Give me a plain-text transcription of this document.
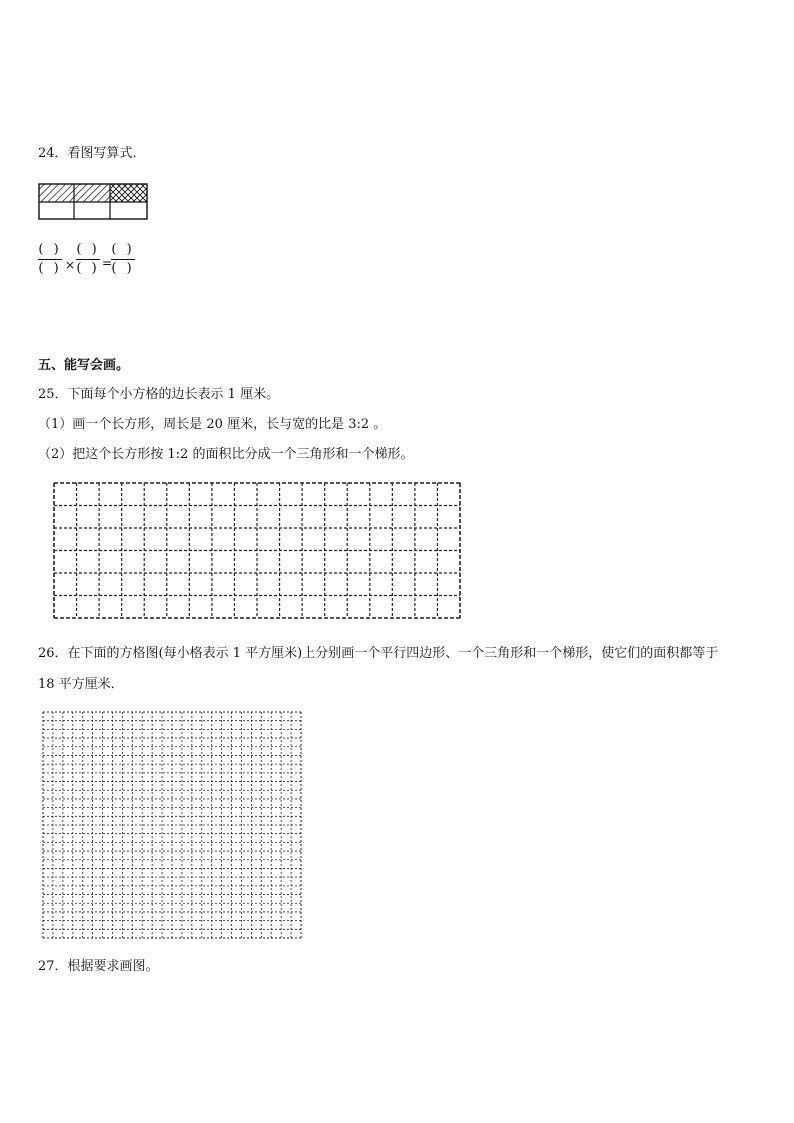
24．看图写算式．
( )
( ) ×
( )
( ) =
( )
( )
五、能写会画。
25．下面每个小方格的边长表示 1 厘米。
（1）画一个长方形，周长是 20 厘米，长与宽的比是 3:2 。
（2）把这个长方形按 1:2 的面积比分成一个三角形和一个梯形。
26．在下面的方格图(每小格表示 1 平方厘米)上分别画一个平行四边形、一个三角形和一个梯形，使它们的面积都等于
18 平方厘米．
27．根据要求画图。
